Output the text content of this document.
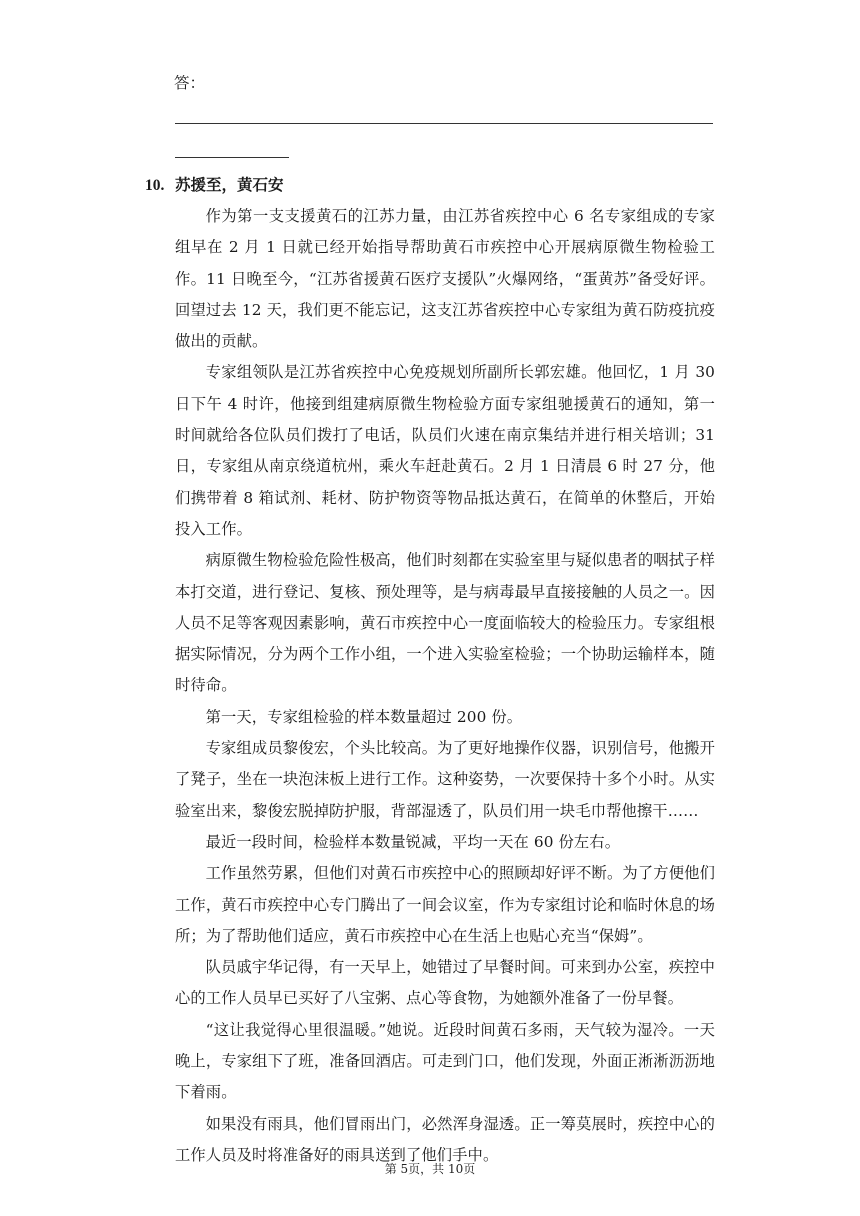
答：
10. 苏援至，黄石安

作为第一支支援黄石的江苏力量，由江苏省疾控中心 6 名专家组成的专家组早在 2 月 1 日就已经开始指导帮助黄石市疾控中心开展病原微生物检验工作。11 日晚至今，“江苏省援黄石医疗支援队”火爆网络，“蛋黄苏”备受好评。回望过去 12 天，我们更不能忘记，这支江苏省疾控中心专家组为黄石防疫抗疫做出的贡献。

专家组领队是江苏省疾控中心免疫规划所副所长郭宏雄。他回忆，1 月 30 日下午 4 时许，他接到组建病原微生物检验方面专家组驰援黄石的通知，第一时间就给各位队员们拨打了电话，队员们火速在南京集结并进行相关培训；31 日，专家组从南京绕道杭州，乘火车赶赴黄石。2 月 1 日清晨 6 时 27 分，他们携带着 8 箱试剂、耗材、防护物资等物品抵达黄石，在简单的休整后，开始投入工作。

病原微生物检验危险性极高，他们时刻都在实验室里与疑似患者的咽拭子样本打交道，进行登记、复核、预处理等，是与病毒最早直接接触的人员之一。因人员不足等客观因素影响，黄石市疾控中心一度面临较大的检验压力。专家组根据实际情况，分为两个工作小组，一个进入实验室检验；一个协助运输样本，随时待命。

第一天，专家组检验的样本数量超过 200 份。

专家组成员黎俊宏，个头比较高。为了更好地操作仪器，识别信号，他搬开了凳子，坐在一块泡沫板上进行工作。这种姿势，一次要保持十多个小时。从实验室出来，黎俊宏脱掉防护服，背部湿透了，队员们用一块毛巾帮他擦干……

最近一段时间，检验样本数量锐减，平均一天在 60 份左右。

工作虽然劳累，但他们对黄石市疾控中心的照顾却好评不断。为了方便他们工作，黄石市疾控中心专门腾出了一间会议室，作为专家组讨论和临时休息的场所；为了帮助他们适应，黄石市疾控中心在生活上也贴心充当“保姆”。

队员戚宇华记得，有一天早上，她错过了早餐时间。可来到办公室，疾控中心的工作人员早已买好了八宝粥、点心等食物，为她额外准备了一份早餐。

“这让我觉得心里很温暖。”她说。近段时间黄石多雨，天气较为湿冷。一天晚上，专家组下了班，准备回酒店。可走到门口，他们发现，外面正淅淅沥沥地下着雨。

如果没有雨具，他们冒雨出门，必然浑身湿透。正一筹莫展时，疾控中心的工作人员及时将准备好的雨具送到了他们手中。

第 5页，共 10页
